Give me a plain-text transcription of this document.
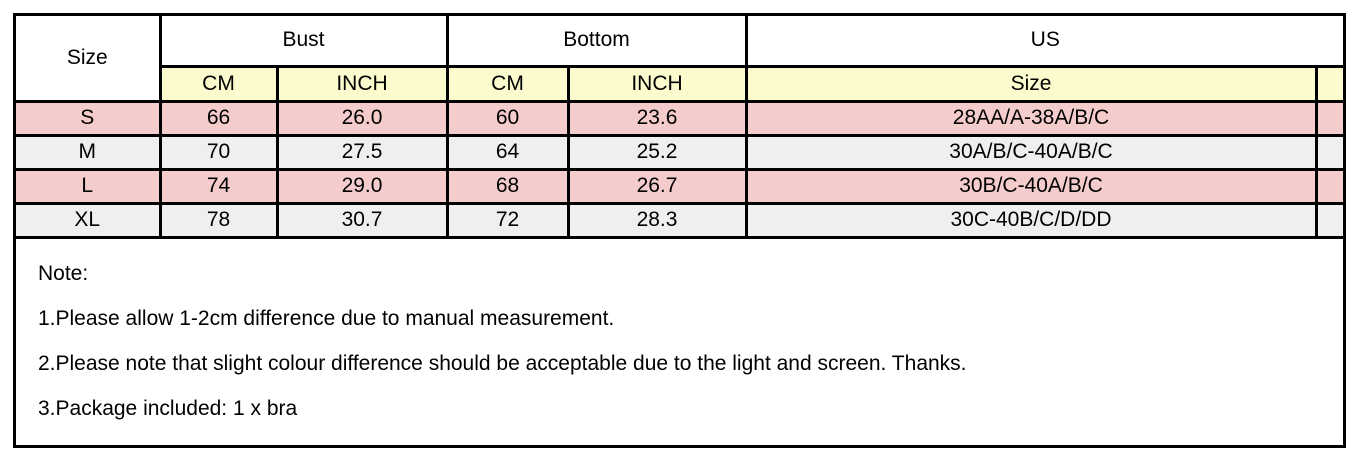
Size	Bust		Bottom		US	
	CM	INCH	CM	INCH	Size	
S	66	26.0	60	23.6	28AA/A-38A/B/C	
M	70	27.5	64	25.2	30A/B/C-40A/B/C	
L	74	29.0	68	26.7	30B/C-40A/B/C	
XL	78	30.7	72	28.3	30C-40B/C/D/DD	

Note:

1.Please allow 1-2cm difference due to manual measurement.

2.Please note that slight colour difference should be acceptable due to the light and screen. Thanks.

3.Package included: 1 x bra
